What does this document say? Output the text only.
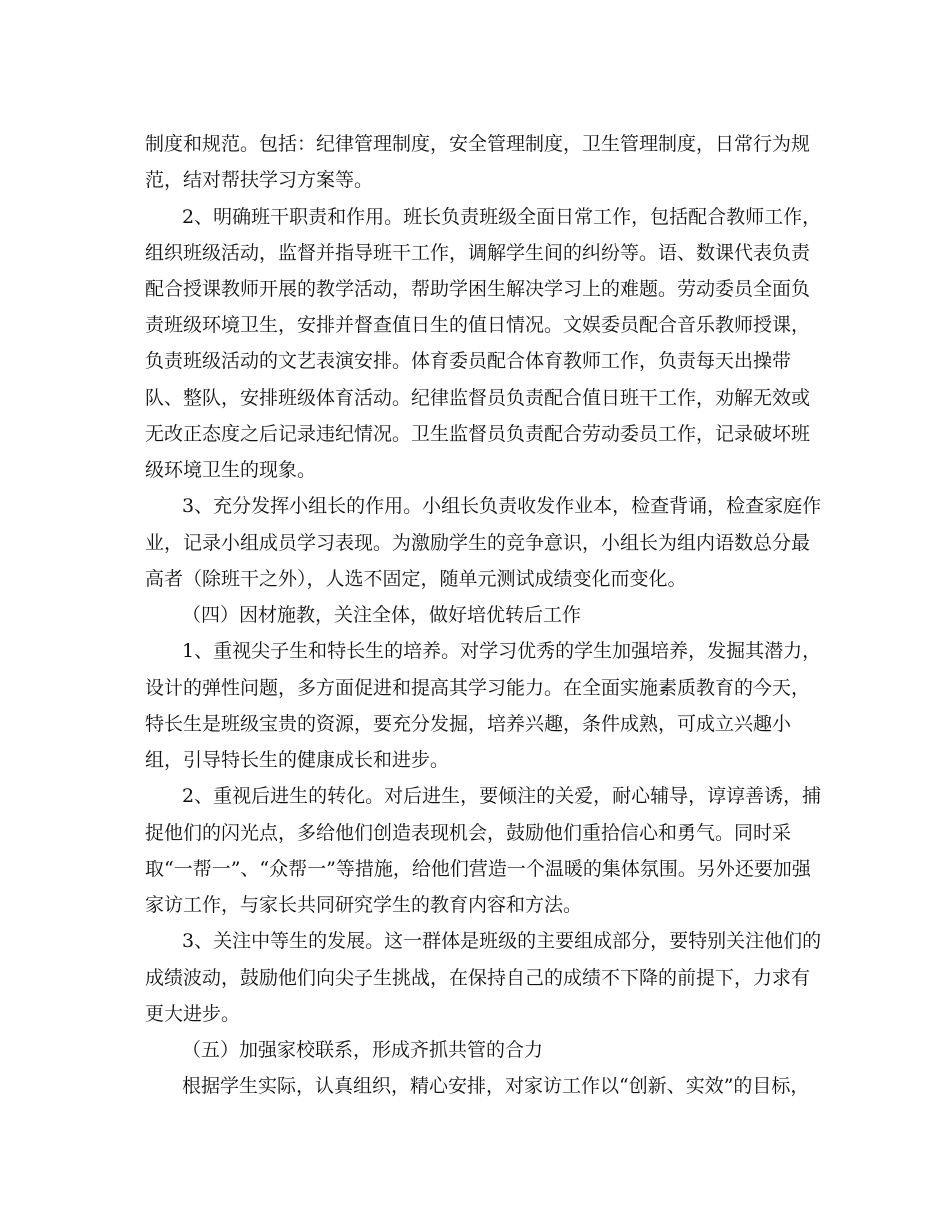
制度和规范。包括：纪律管理制度，安全管理制度，卫生管理制度，日常行为规
范，结对帮扶学习方案等。
2、明确班干职责和作用。班长负责班级全面日常工作，包括配合教师工作，
组织班级活动，监督并指导班干工作，调解学生间的纠纷等。语、数课代表负责
配合授课教师开展的教学活动，帮助学困生解决学习上的难题。劳动委员全面负
责班级环境卫生，安排并督查值日生的值日情况。文娱委员配合音乐教师授课，
负责班级活动的文艺表演安排。体育委员配合体育教师工作，负责每天出操带
队、整队，安排班级体育活动。纪律监督员负责配合值日班干工作，劝解无效或
无改正态度之后记录违纪情况。卫生监督员负责配合劳动委员工作，记录破坏班
级环境卫生的现象。
3、充分发挥小组长的作用。小组长负责收发作业本，检查背诵，检查家庭作
业，记录小组成员学习表现。为激励学生的竞争意识，小组长为组内语数总分最
高者（除班干之外），人选不固定，随单元测试成绩变化而变化。
（四）因材施教，关注全体，做好培优转后工作
1、重视尖子生和特长生的培养。对学习优秀的学生加强培养，发掘其潜力，
设计的弹性问题，多方面促进和提高其学习能力。在全面实施素质教育的今天，
特长生是班级宝贵的资源，要充分发掘，培养兴趣，条件成熟，可成立兴趣小
组，引导特长生的健康成长和进步。
2、重视后进生的转化。对后进生，要倾注的关爱，耐心辅导，谆谆善诱，捕
捉他们的闪光点，多给他们创造表现机会，鼓励他们重拾信心和勇气。同时采
取“一帮一”、“众帮一”等措施，给他们营造一个温暖的集体氛围。另外还要加强
家访工作，与家长共同研究学生的教育内容和方法。
3、关注中等生的发展。这一群体是班级的主要组成部分，要特别关注他们的
成绩波动，鼓励他们向尖子生挑战，在保持自己的成绩不下降的前提下，力求有
更大进步。
（五）加强家校联系，形成齐抓共管的合力
根据学生实际，认真组织，精心安排，对家访工作以“创新、实效”的目标，
